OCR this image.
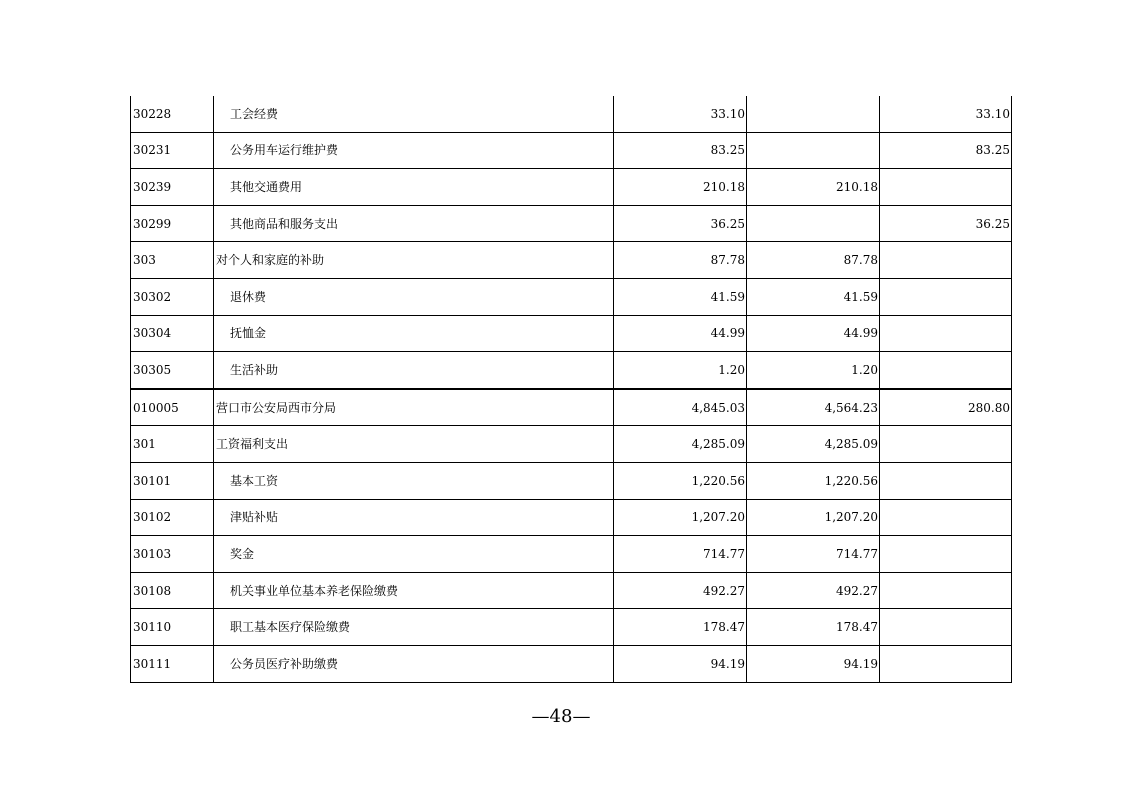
30228	工会经费	33.10		33.10
30231	公务用车运行维护费	83.25		83.25
30239	其他交通费用	210.18	210.18	
30299	其他商品和服务支出	36.25		36.25
303	对个人和家庭的补助	87.78	87.78	
30302	退休费	41.59	41.59	
30304	抚恤金	44.99	44.99	
30305	生活补助	1.20	1.20	
010005	营口市公安局西市分局	4,845.03	4,564.23	280.80
301	工资福利支出	4,285.09	4,285.09	
30101	基本工资	1,220.56	1,220.56	
30102	津贴补贴	1,207.20	1,207.20	
30103	奖金	714.77	714.77	
30108	机关事业单位基本养老保险缴费	492.27	492.27	
30110	职工基本医疗保险缴费	178.47	178.47	
30111	公务员医疗补助缴费	94.19	94.19	
—48—
